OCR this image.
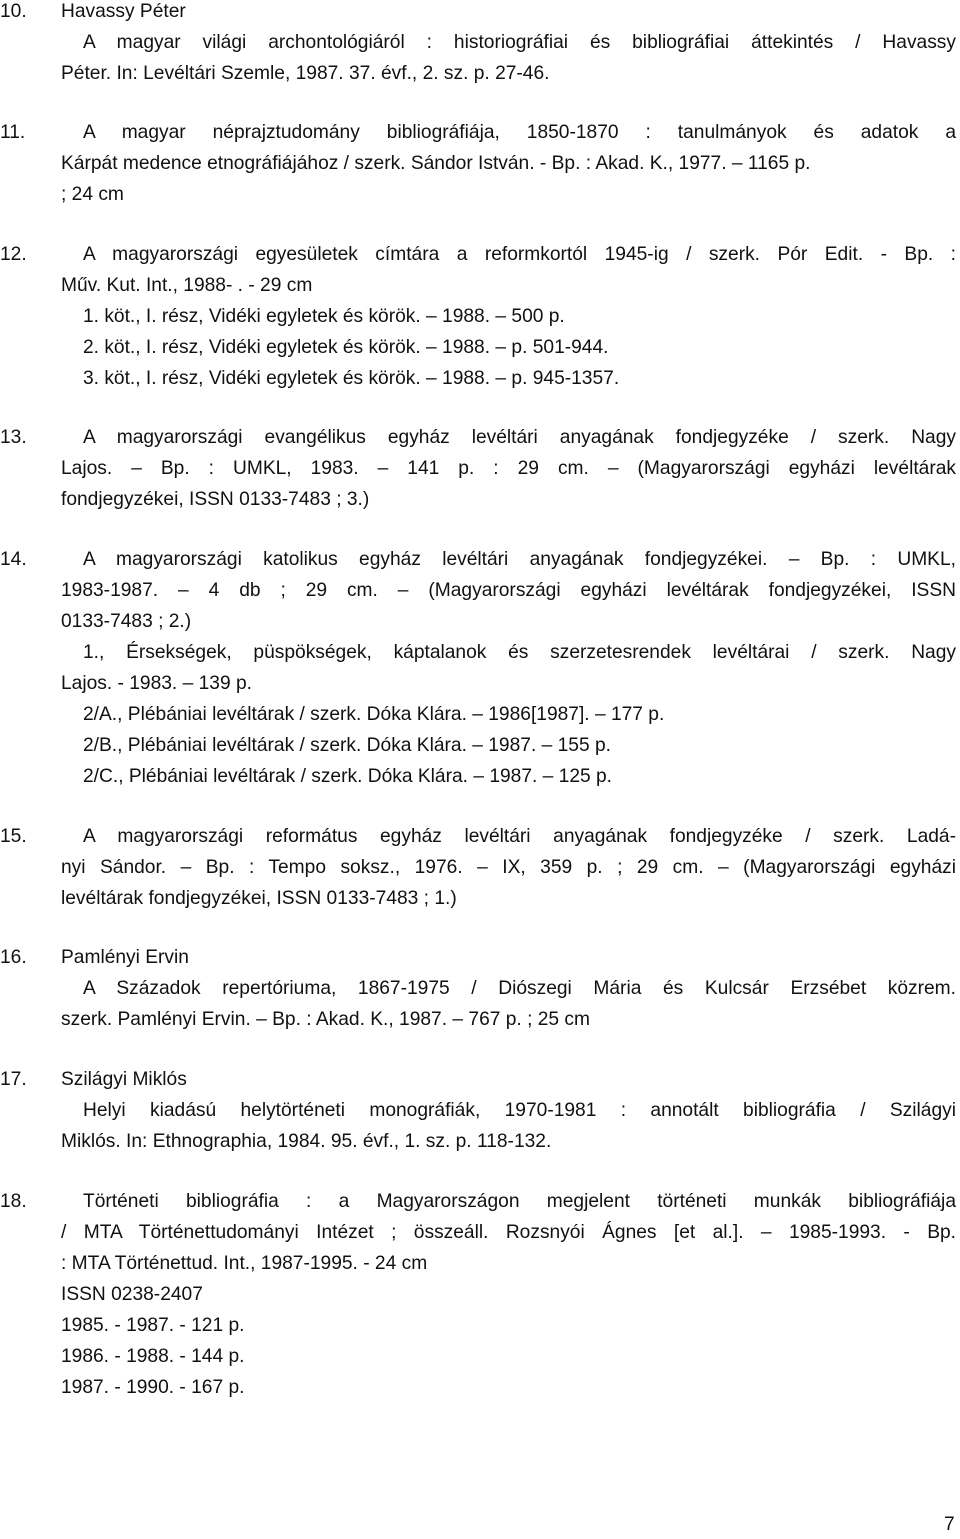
10. Havassy Péter
A magyar világi archontológiáról : historiográfiai és bibliográfiai áttekintés / Havassy
Péter. In: Levéltári Szemle, 1987. 37. évf., 2. sz. p. 27-46.
11.	A magyar néprajztudomány bibliográfiája, 1850-1870 : tanulmányok és adatok a
Kárpát medence etnográfiájához / szerk. Sándor István. - Bp. : Akad. K., 1977. – 1165 p.
; 24 cm
12.	A magyarországi egyesületek címtára a reformkortól 1945-ig / szerk. Pór Edit. - Bp. :
Műv. Kut. Int., 1988- . - 29 cm
1. köt., I. rész, Vidéki egyletek és körök. – 1988. – 500 p.
2. köt., I. rész, Vidéki egyletek és körök. – 1988. – p. 501-944.
3. köt., I. rész, Vidéki egyletek és körök. – 1988. – p. 945-1357.
13.	A magyarországi evangélikus egyház levéltári anyagának fondjegyzéke / szerk. Nagy
Lajos. – Bp. : UMKL, 1983. – 141 p. : 29 cm. – (Magyarországi egyházi levéltárak
fondjegyzékei, ISSN 0133-7483 ; 3.)
14.	A magyarországi katolikus egyház levéltári anyagának fondjegyzékei. – Bp. : UMKL,
1983-1987. – 4 db ; 29 cm. – (Magyarországi egyházi levéltárak fondjegyzékei, ISSN
0133-7483 ; 2.)
1., Érsekségek, püspökségek, káptalanok és szerzetesrendek levéltárai / szerk. Nagy
Lajos. - 1983. – 139 p.
2/A., Plébániai levéltárak / szerk. Dóka Klára. – 1986[1987]. – 177 p.
2/B., Plébániai levéltárak / szerk. Dóka Klára. – 1987. – 155 p.
2/C., Plébániai levéltárak / szerk. Dóka Klára. – 1987. – 125 p.
15.	A magyarországi református egyház levéltári anyagának fondjegyzéke / szerk. Ladá-
nyi Sándor. – Bp. : Tempo soksz., 1976. – IX, 359 p. ; 29 cm. – (Magyarországi egyházi
levéltárak fondjegyzékei, ISSN 0133-7483 ; 1.)
16. Pamlényi Ervin
A Századok repertóriuma, 1867-1975 / Diószegi Mária és Kulcsár Erzsébet közrem.
szerk. Pamlényi Ervin. – Bp. : Akad. K., 1987. – 767 p. ; 25 cm
17. Szilágyi Miklós
Helyi kiadású helytörténeti monográfiák, 1970-1981 : annotált bibliográfia / Szilágyi
Miklós. In: Ethnographia, 1984. 95. évf., 1. sz. p. 118-132.
18.	Történeti bibliográfia : a Magyarországon megjelent történeti munkák bibliográfiája
/ MTA Történettudományi Intézet ; összeáll. Rozsnyói Ágnes [et al.]. – 1985-1993. - Bp.
: MTA Történettud. Int., 1987-1995. - 24 cm
ISSN 0238-2407
1985. - 1987. - 121 p.
1986. - 1988. - 144 p.
1987. - 1990. - 167 p.
7
